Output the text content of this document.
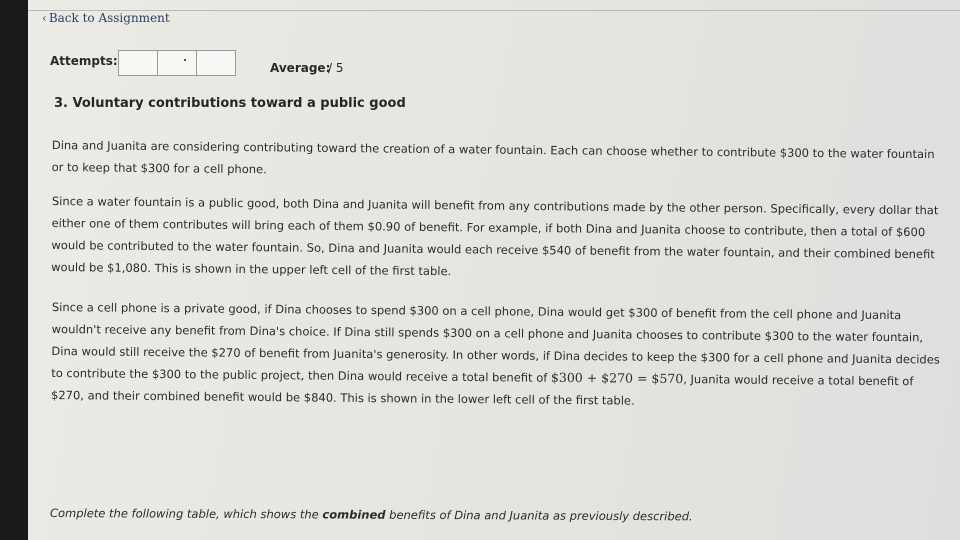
‹ Back to Assignment
Attempts:	Average:
/ 5
3. Voluntary contributions toward a public good
Dina and Juanita are considering contributing toward the creation of a water fountain. Each can choose whether to contribute $300 to the water fountain or to keep that $300 for a cell phone.
Since a water fountain is a public good, both Dina and Juanita will benefit from any contributions made by the other person. Specifically, every dollar that either one of them contributes will bring each of them $0.90 of benefit. For example, if both Dina and Juanita choose to contribute, then a total of $600 would be contributed to the water fountain. So, Dina and Juanita would each receive $540 of benefit from the water fountain, and their combined benefit would be $1,080. This is shown in the upper left cell of the first table.
Since a cell phone is a private good, if Dina chooses to spend $300 on a cell phone, Dina would get $300 of benefit from the cell phone and Juanita wouldn't receive any benefit from Dina's choice. If Dina still spends $300 on a cell phone and Juanita chooses to contribute $300 to the water fountain, Dina would still receive the $270 of benefit from Juanita's generosity. In other words, if Dina decides to keep the $300 for a cell phone and Juanita decides to contribute the $300 to the public project, then Dina would receive a total benefit of $300 + $270 = $570, Juanita would receive a total benefit of $270, and their combined benefit would be $840. This is shown in the lower left cell of the first table.
Complete the following table, which shows the combined benefits of Dina and Juanita as previously described.
